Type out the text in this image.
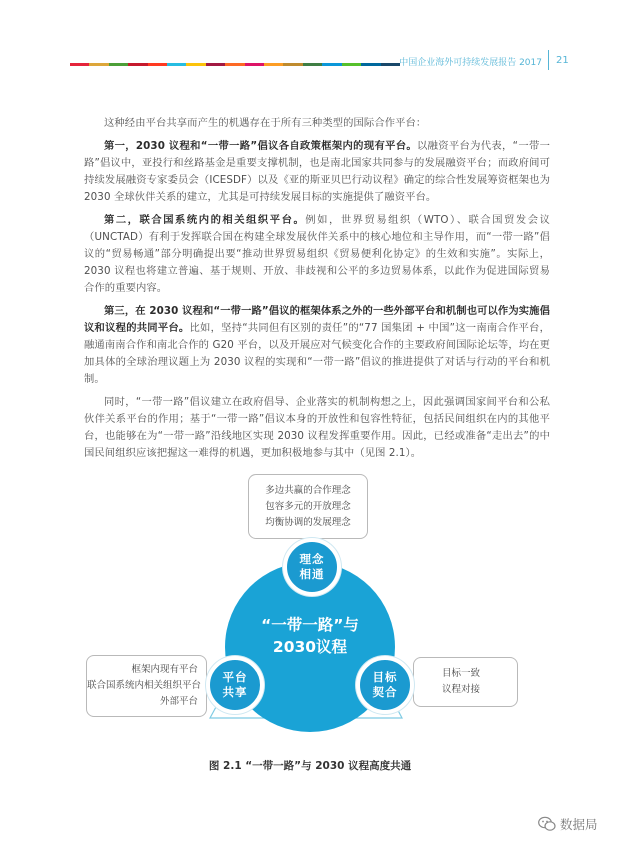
中国企业海外可持续发展报告 2017 21

这种经由平台共享而产生的机遇存在于所有三种类型的国际合作平台：

第一，2030 议程和“一带一路”倡议各自政策框架内的现有平台。以融资平台为代表，“一带一路”倡议中，亚投行和丝路基金是重要支撑机制，也是南北国家共同参与的发展融资平台；而政府间可持续发展融资专家委员会（ICESDF）以及《亚的斯亚贝巴行动议程》确定的综合性发展筹资框架也为 2030 全球伙伴关系的建立，尤其是可持续发展目标的实施提供了融资平台。

第二，联合国系统内的相关组织平台。例如，世界贸易组织（WTO）、联合国贸发会议（UNCTAD）有利于发挥联合国在构建全球发展伙伴关系中的核心地位和主导作用，而“一带一路”倡议的“贸易畅通”部分明确提出要“推动世界贸易组织《贸易便利化协定》的生效和实施”。实际上，2030 议程也将建立普遍、基于规则、开放、非歧视和公平的多边贸易体系，以此作为促进国际贸易合作的重要内容。

第三，在 2030 议程和“一带一路”倡议的框架体系之外的一些外部平台和机制也可以作为实施倡议和议程的共同平台。比如，坚持“共同但有区别的责任”的“77 国集团 + 中国”这一南南合作平台，融通南南合作和南北合作的 G20 平台，以及开展应对气候变化合作的主要政府间国际论坛等，均在更加具体的全球治理议题上为 2030 议程的实现和“一带一路”倡议的推进提供了对话与行动的平台和机制。

同时，“一带一路”倡议建立在政府倡导、企业落实的机制构想之上，因此强调国家间平台和公私伙伴关系平台的作用；基于“一带一路”倡议本身的开放性和包容性特征，包括民间组织在内的其他平台，也能够在为“一带一路”沿线地区实现 2030 议程发挥重要作用。因此，已经或准备“走出去”的中国民间组织应该把握这一难得的机遇，更加积极地参与其中（见图 2.1）。

多边共赢的合作理念
包容多元的开放理念
均衡协调的发展理念
框架内现有平台
联合国系统内相关组织平台
外部平台
目标一致
议程对接
“一带一路”与
2030议程
理念
相通
平台
共享
目标
契合
图 2.1 “一带一路”与 2030 议程高度共通
数据局
